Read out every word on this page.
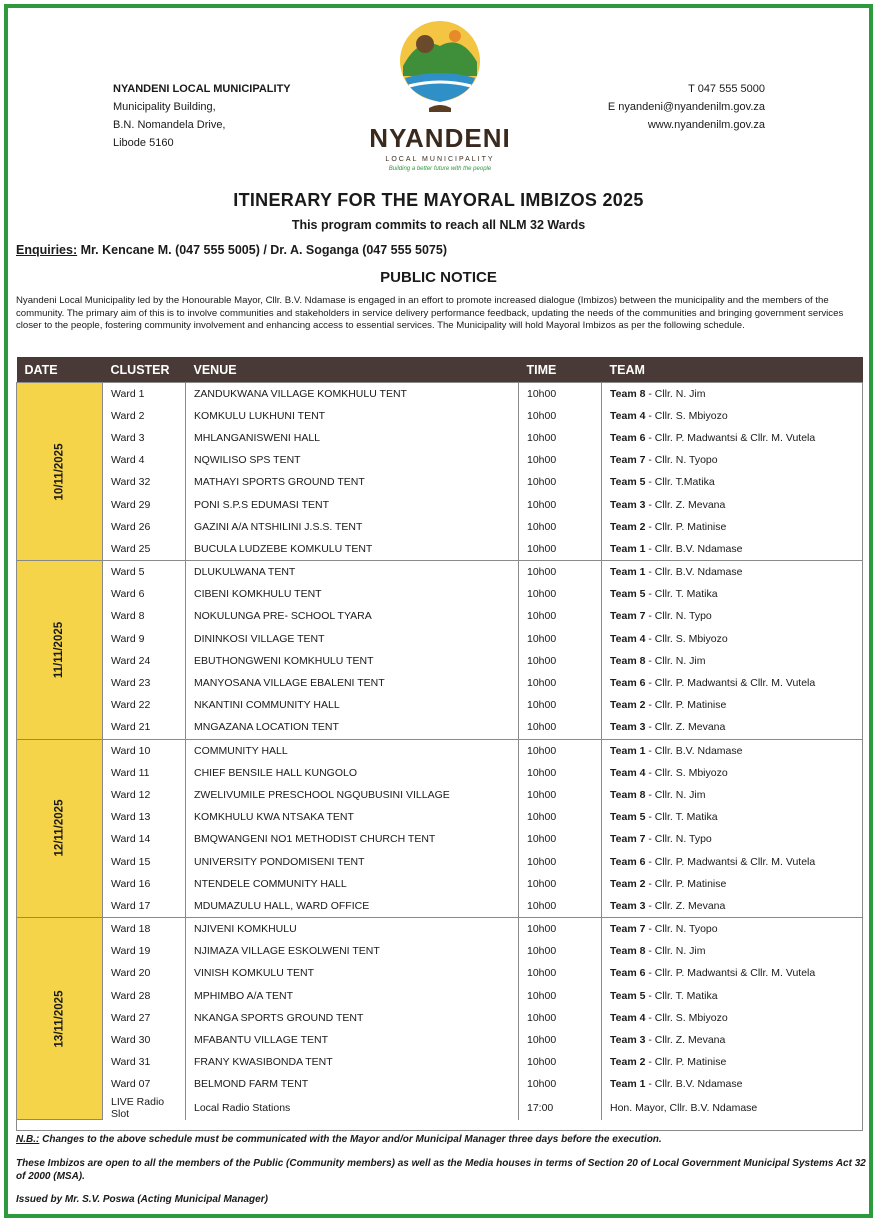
NYANDENI LOCAL MUNICIPALITY
Municipality Building,
B.N. Nomandela Drive,
Libode 5160	NYANDENI
LOCAL MUNICIPALITY
Building a better future with the people
T 047 555 5000
E nyandeni@nyandenilm.gov.za
www.nyandenilm.gov.za
ITINERARY FOR THE MAYORAL IMBIZOS 2025
This program commits to reach all NLM 32 Wards
Enquiries: Mr. Kencane M. (047 555 5005) / Dr. A. Soganga (047 555 5075)
PUBLIC NOTICE
Nyandeni Local Municipality led by the Honourable Mayor, Cllr. B.V. Ndamase is engaged in an effort to promote increased dialogue (Imbizos) between the municipality and the members of the community. The primary aim of this is to involve communities and stakeholders in service delivery performance feedback, updating the needs of the communities and bringing government services closer to the people, fostering community involvement and enhancing access to essential services. The Municipality will hold Mayoral Imbizos as per the following schedule.
DATE	CLUSTER	VENUE	TIME	TEAM
10/11/2025	Ward 1	ZANDUKWANA VILLAGE KOMKHULU TENT	10h00	Team 8 - Cllr. N. Jim
	Ward 2	KOMKULU LUKHUNI TENT	10h00	Team 4 - Cllr. S. Mbiyozo
	Ward 3	MHLANGANISWENI HALL	10h00	Team 6 - Cllr. P. Madwantsi & Cllr. M. Vutela
	Ward 4	NQWILISO SPS TENT	10h00	Team 7 - Cllr. N. Tyopo
	Ward 32	MATHAYI SPORTS GROUND TENT	10h00	Team 5 - Cllr. T.Matika
	Ward 29	PONI S.P.S EDUMASI TENT	10h00	Team 3 - Cllr. Z. Mevana
	Ward 26	GAZINI A/A NTSHILINI J.S.S. TENT	10h00	Team 2 - Cllr. P. Matinise
	Ward 25	BUCULA LUDZEBE KOMKULU TENT	10h00	Team 1 - Cllr. B.V. Ndamase
11/11/2025	Ward 5	DLUKULWANA TENT	10h00	Team 1 - Cllr. B.V. Ndamase
	Ward 6	CIBENI KOMKHULU TENT	10h00	Team 5 - Cllr. T. Matika
	Ward 8	NOKULUNGA PRE- SCHOOL TYARA	10h00	Team 7 - Cllr. N. Typo
	Ward 9	DININKOSI VILLAGE TENT	10h00	Team 4 - Cllr. S. Mbiyozo
	Ward 24	EBUTHONGWENI KOMKHULU TENT	10h00	Team 8 - Cllr. N. Jim
	Ward 23	MANYOSANA VILLAGE EBALENI TENT	10h00	Team 6 - Cllr. P. Madwantsi & Cllr. M. Vutela
	Ward 22	NKANTINI COMMUNITY HALL	10h00	Team 2 - Cllr. P. Matinise
	Ward 21	MNGAZANA LOCATION TENT	10h00	Team 3 - Cllr. Z. Mevana
12/11/2025	Ward 10	COMMUNITY HALL	10h00	Team 1 - Cllr. B.V. Ndamase
	Ward 11	CHIEF BENSILE HALL KUNGOLO	10h00	Team 4 - Cllr. S. Mbiyozo
	Ward 12	ZWELIVUMILE PRESCHOOL NGQUBUSINI VILLAGE	10h00	Team 8 - Cllr. N. Jim
	Ward 13	KOMKHULU KWA NTSAKA TENT	10h00	Team 5 - Cllr. T. Matika
	Ward 14	BMQWANGENI NO1 METHODIST CHURCH TENT	10h00	Team 7 - Cllr. N. Typo
	Ward 15	UNIVERSITY PONDOMISENI TENT	10h00	Team 6 - Cllr. P. Madwantsi & Cllr. M. Vutela
	Ward 16	NTENDELE COMMUNITY HALL	10h00	Team 2 - Cllr. P. Matinise
	Ward 17	MDUMAZULU HALL, WARD OFFICE	10h00	Team 3 - Cllr. Z. Mevana
13/11/2025	Ward 18	NJIVENI KOMKHULU	10h00	Team 7 - Cllr. N. Tyopo
	Ward 19	NJIMAZA VILLAGE ESKOLWENI TENT	10h00	Team 8 - Cllr. N. Jim
	Ward 20	VINISH KOMKULU TENT	10h00	Team 6 - Cllr. P. Madwantsi & Cllr. M. Vutela
	Ward 28	MPHIMBO A/A TENT	10h00	Team 5 - Cllr. T. Matika
	Ward 27	NKANGA SPORTS GROUND TENT	10h00	Team 4 - Cllr. S. Mbiyozo
	Ward 30	MFABANTU VILLAGE TENT	10h00	Team 3 - Cllr. Z. Mevana
	Ward 31	FRANY KWASIBONDA TENT	10h00	Team 2 - Cllr. P. Matinise
	Ward 07	BELMOND FARM TENT	10h00	Team 1 - Cllr. B.V. Ndamase
	LIVE Radio Slot	Local Radio Stations	17:00	Hon. Mayor, Cllr. B.V. Ndamase
N.B.: Changes to the above schedule must be communicated with the Mayor and/or Municipal Manager three days before the execution.
These Imbizos are open to all the members of the Public (Community members) as well as the Media houses in terms of Section 20 of Local Government Municipal Systems Act 32 of 2000 (MSA).
Issued by Mr. S.V. Poswa (Acting Municipal Manager)
